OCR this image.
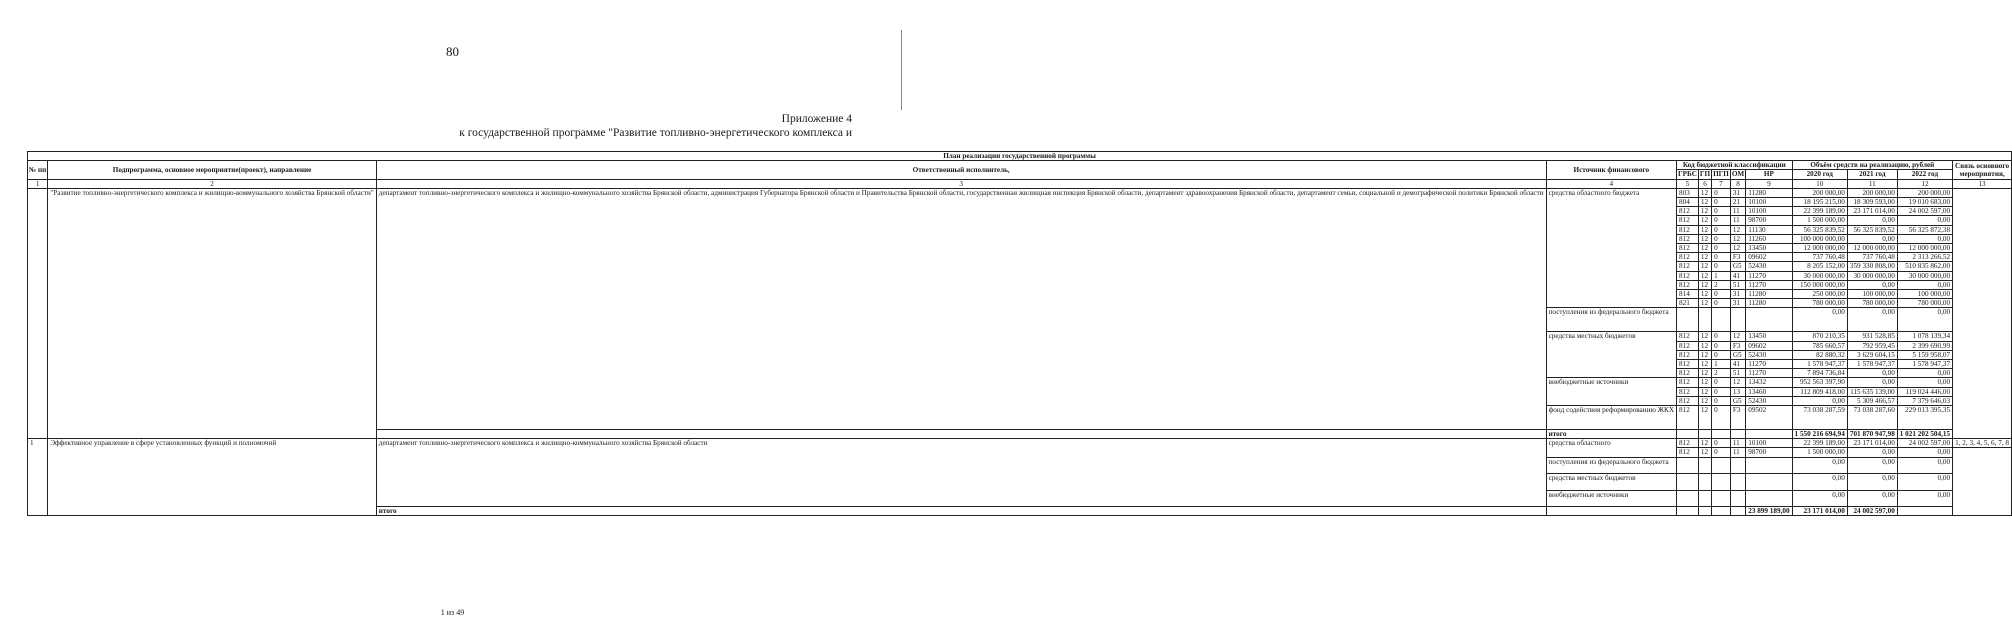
80
Приложение 4
к государственной программе "Развитие топливно-энергетического комплекса и
План реализации государственной программы												
№ пп	Подпрограмма, основное мероприятие(проект), направление	Ответственный исполнитель,	Источник финансового	Код бюджетной классификации					Объём средств на реализацию, рублей			Связь основного мероприятия,
				ГРБС	ГП	ПГП	ОМ	НР	2020 год	2021 год	2022 год	
1	2	3	4	5	6	7	8	9	10	11	12	13
	"Развитие топливно-энергетического комплекса и жилищно-коммунального хозяйства Брянской области"	департамент топливно-энергетического комплекса и жилищно-коммунального хозяйства Брянской области, администрация Губернатора Брянской области и Правительства Брянской области, государственная жилищная инспекция Брянской области, департамент здравоохранения Брянской области, департамент семьи, социальной и демографической политики Брянской области	средства областного бюджета	803	12	0	31	11280	200 000,00	200 000,00	200 000,00	
				804	12	0	21	10100	18 195 215,00	18 309 593,00	19 010 683,00	
				812	12	0	11	10100	22 399 189,00	23 171 014,00	24 002 597,00	
				812	12	0	11	98700	1 500 000,00	0,00	0,00	
				812	12	0	12	11130	56 325 839,52	56 325 839,52	56 325 872,38	
				812	12	0	12	11260	100 000 000,00	0,00	0,00	
				812	12	0	12	13450	12 000 000,00	12 000 000,00	12 000 000,00	
				812	12	0	F3	09602	737 760,48	737 760,48	2 313 266,52	
				812	12	0	G5	52430	8 205 152,00	359 330 808,00	510 835 862,00	
				812	12	1	41	11270	30 000 000,00	30 000 000,00	30 000 000,00	
				812	12	2	51	11270	150 000 000,00	0,00	0,00	
				814	12	0	31	11280	250 000,00	100 000,00	100 000,00	
				821	12	0	31	11280	780 000,00	780 000,00	780 000,00	
			поступления из федерального бюджета						0,00	0,00	0,00	
			средства местных бюджетов	812	12	0	12	13450	870 210,35	931 528,85	1 078 139,34	
				812	12	0	F3	09602	785 660,57	792 959,45	2 399 690,99	
				812	12	0	G5	52430	82 880,32	3 629 604,15	5 159 958,07	
				812	12	1	41	11270	1 578 947,37	1 578 947,37	1 578 947,37	
				812	12	2	51	11270	7 894 736,84	0,00	0,00	
			внебюджетные источники	812	12	0	12	13432	952 563 397,90	0,00	0,00	
				812	12	0	13	13460	112 809 418,00	115 635 139,00	119 024 446,00	
				812	12	0	G5	52430	0,00	5 309 466,57	7 379 646,03	
			фонд содействия реформированию ЖКХ	812	12	0	F3	09502	73 038 287,59	73 038 287,60	229 013 395,35	
			итого						1 550 216 694,94	701 870 947,98	1 021 202 504,15	
1	Эффективное управление в сфере установленных функций и полномочий	департамент топливно-энергетического комплекса и жилищно-коммунального хозяйства Брянской области	средства областного	812	12	0	11	10100	22 399 189,00	23 171 014,00	24 002 597,00	1, 2, 3, 4, 5, 6, 7, 8
				812	12	0	11	98700	1 500 000,00	0,00	0,00	
			поступления из федерального бюджета						0,00	0,00	0,00	
			средства местных бюджетов						0,00	0,00	0,00	
			внебюджетные источники						0,00	0,00	0,00	
		итого						23 899 189,00	23 171 014,00	24 002 597,00		
1 из 49
